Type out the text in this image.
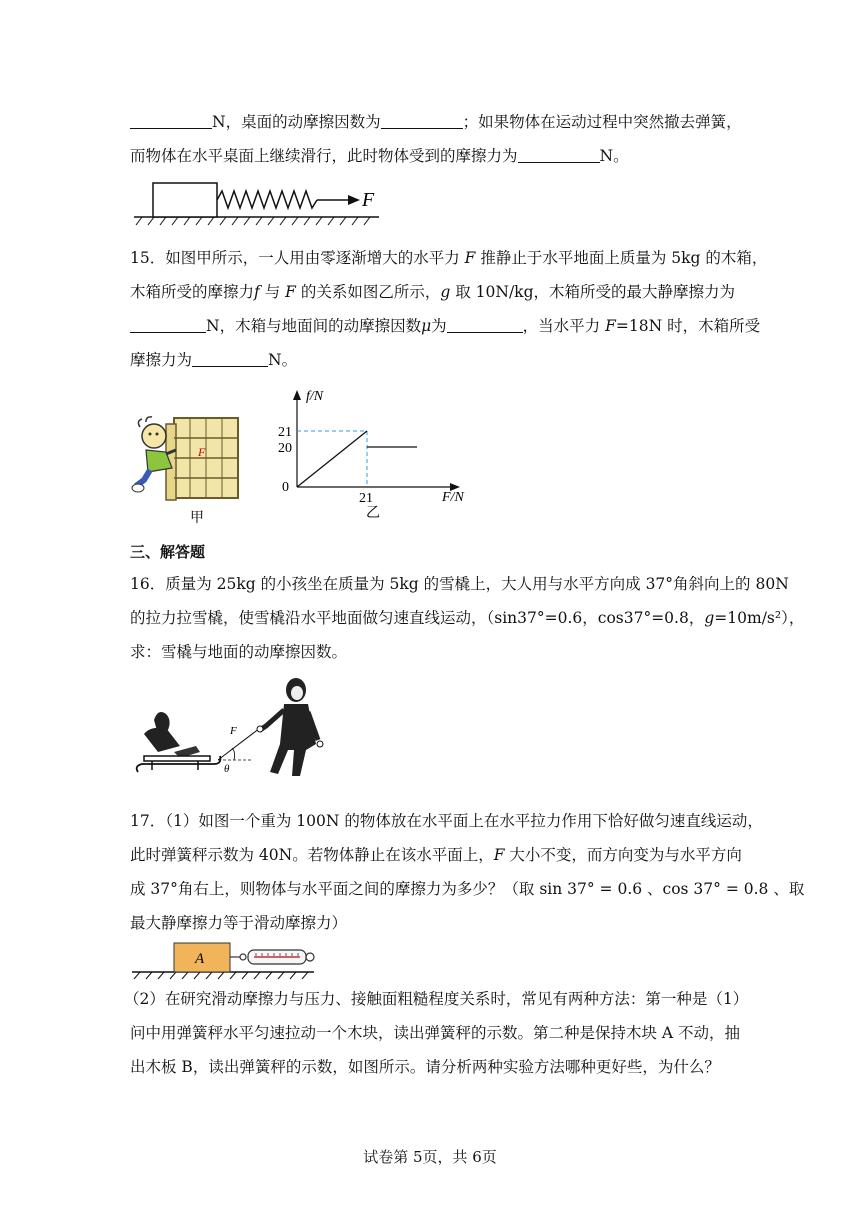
N，桌面的动摩擦因数为	；如果物体在运动过程中突然撤去弹簧，
而物体在水平桌面上继续滑行，此时物体受到的摩擦力为	N。
F
15．如图甲所示，一人用由零逐渐增大的水平力 F 推静止于水平地面上质量为 5kg 的木箱，
木箱所受的摩擦力f 与 F 的关系如图乙所示，g 取 10N/kg，木箱所受的最大静摩擦力为
N，木箱与地面间的动摩擦因数μ为	，当水平力 F=18N 时，木箱所受
摩擦力为	N。
F
甲
f/N
F/N
0
21
20
21
乙
三、解答题
16．质量为 25kg 的小孩坐在质量为 5kg 的雪橇上，大人用与水平方向成 37°角斜向上的 80N
的拉力拉雪橇，使雪橇沿水平地面做匀速直线运动，（sin37°=0.6，cos37°=0.8，g=10m/s²），
求：雪橇与地面的动摩擦因数。
θ
F
17．（1）如图一个重为 100N 的物体放在水平面上在水平拉力作用下恰好做匀速直线运动，
此时弹簧秤示数为 40N。若物体静止在该水平面上，F 大小不变，而方向变为与水平方向
成 37°角右上，则物体与水平面之间的摩擦力为多少？（取 sin 37° = 0.6 、cos 37° = 0.8 、取
最大静摩擦力等于滑动摩擦力）
A
（2）在研究滑动摩擦力与压力、接触面粗糙程度关系时，常见有两种方法：第一种是（1）
问中用弹簧秤水平匀速拉动一个木块，读出弹簧秤的示数。第二种是保持木块 A 不动，抽
出木板 B，读出弹簧秤的示数，如图所示。请分析两种实验方法哪种更好些，为什么？
试卷第 5页，共 6页
